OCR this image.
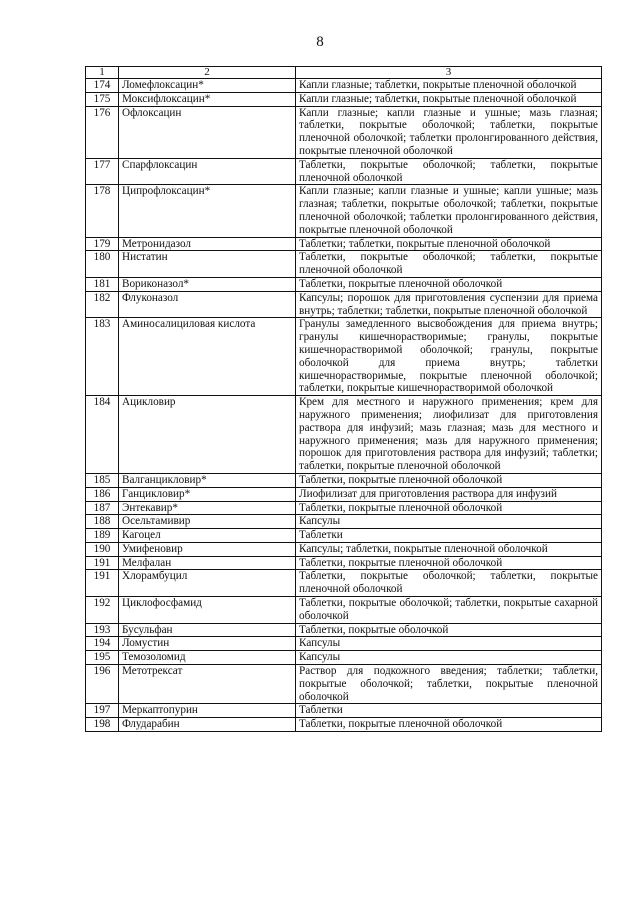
8
1	2	3
174	Ломефлоксацин*	Капли глазные; таблетки, покрытые пленочной оболочкой
175	Моксифлоксацин*	Капли глазные; таблетки, покрытые пленочной оболочкой
176	Офлоксацин	Капли глазные; капли глазные и ушные; мазь глазная; таблетки, покрытые оболочкой; таблетки, покрытые пленочной оболочкой; таблетки пролонгированного действия, покрытые пленочной оболочкой
177	Спарфлоксацин	Таблетки, покрытые оболочкой; таблетки, покрытые пленочной оболочкой
178	Ципрофлоксацин*	Капли глазные; капли глазные и ушные; капли ушные; мазь глазная; таблетки, покрытые оболочкой; таблетки, покрытые пленочной оболочкой; таблетки пролонгированного действия, покрытые пленочной оболочкой
179	Метронидазол	Таблетки; таблетки, покрытые пленочной оболочкой
180	Нистатин	Таблетки, покрытые оболочкой; таблетки, покрытые пленочной оболочкой
181	Вориконазол*	Таблетки, покрытые пленочной оболочкой
182	Флуконазол	Капсулы; порошок для приготовления суспензии для приема внутрь; таблетки; таблетки, покрытые пленочной оболочкой
183	Аминосалициловая кислота	Гранулы замедленного высвобождения для приема внутрь; гранулы кишечнорастворимые; гранулы, покрытые кишечнорастворимой оболочкой; гранулы, покрытые оболочкой для приема внутрь; таблетки кишечнорастворимые, покрытые пленочной оболочкой; таблетки, покрытые кишечнорастворимой оболочкой
184	Ацикловир	Крем для местного и наружного применения; крем для наружного применения; лиофилизат для приготовления раствора для инфузий; мазь глазная; мазь для местного и наружного применения; мазь для наружного применения; порошок для приготовления раствора для инфузий; таблетки; таблетки, покрытые пленочной оболочкой
185	Валганцикловир*	Таблетки, покрытые пленочной оболочкой
186	Ганцикловир*	Лиофилизат для приготовления раствора для инфузий
187	Энтекавир*	Таблетки, покрытые пленочной оболочкой
188	Осельтамивир	Капсулы
189	Кагоцел	Таблетки
190	Умифеновир	Капсулы; таблетки, покрытые пленочной оболочкой
191	Мелфалан	Таблетки, покрытые пленочной оболочкой
191	Хлорамбуцил	Таблетки, покрытые оболочкой; таблетки, покрытые пленочной оболочкой
192	Циклофосфамид	Таблетки, покрытые оболочкой; таблетки, покрытые сахарной оболочкой
193	Бусульфан	Таблетки, покрытые оболочкой
194	Ломустин	Капсулы
195	Темозоломид	Капсулы
196	Метотрексат	Раствор для подкожного введения; таблетки; таблетки, покрытые оболочкой; таблетки, покрытые пленочной оболочкой
197	Меркаптопурин	Таблетки
198	Флударабин	Таблетки, покрытые пленочной оболочкой
